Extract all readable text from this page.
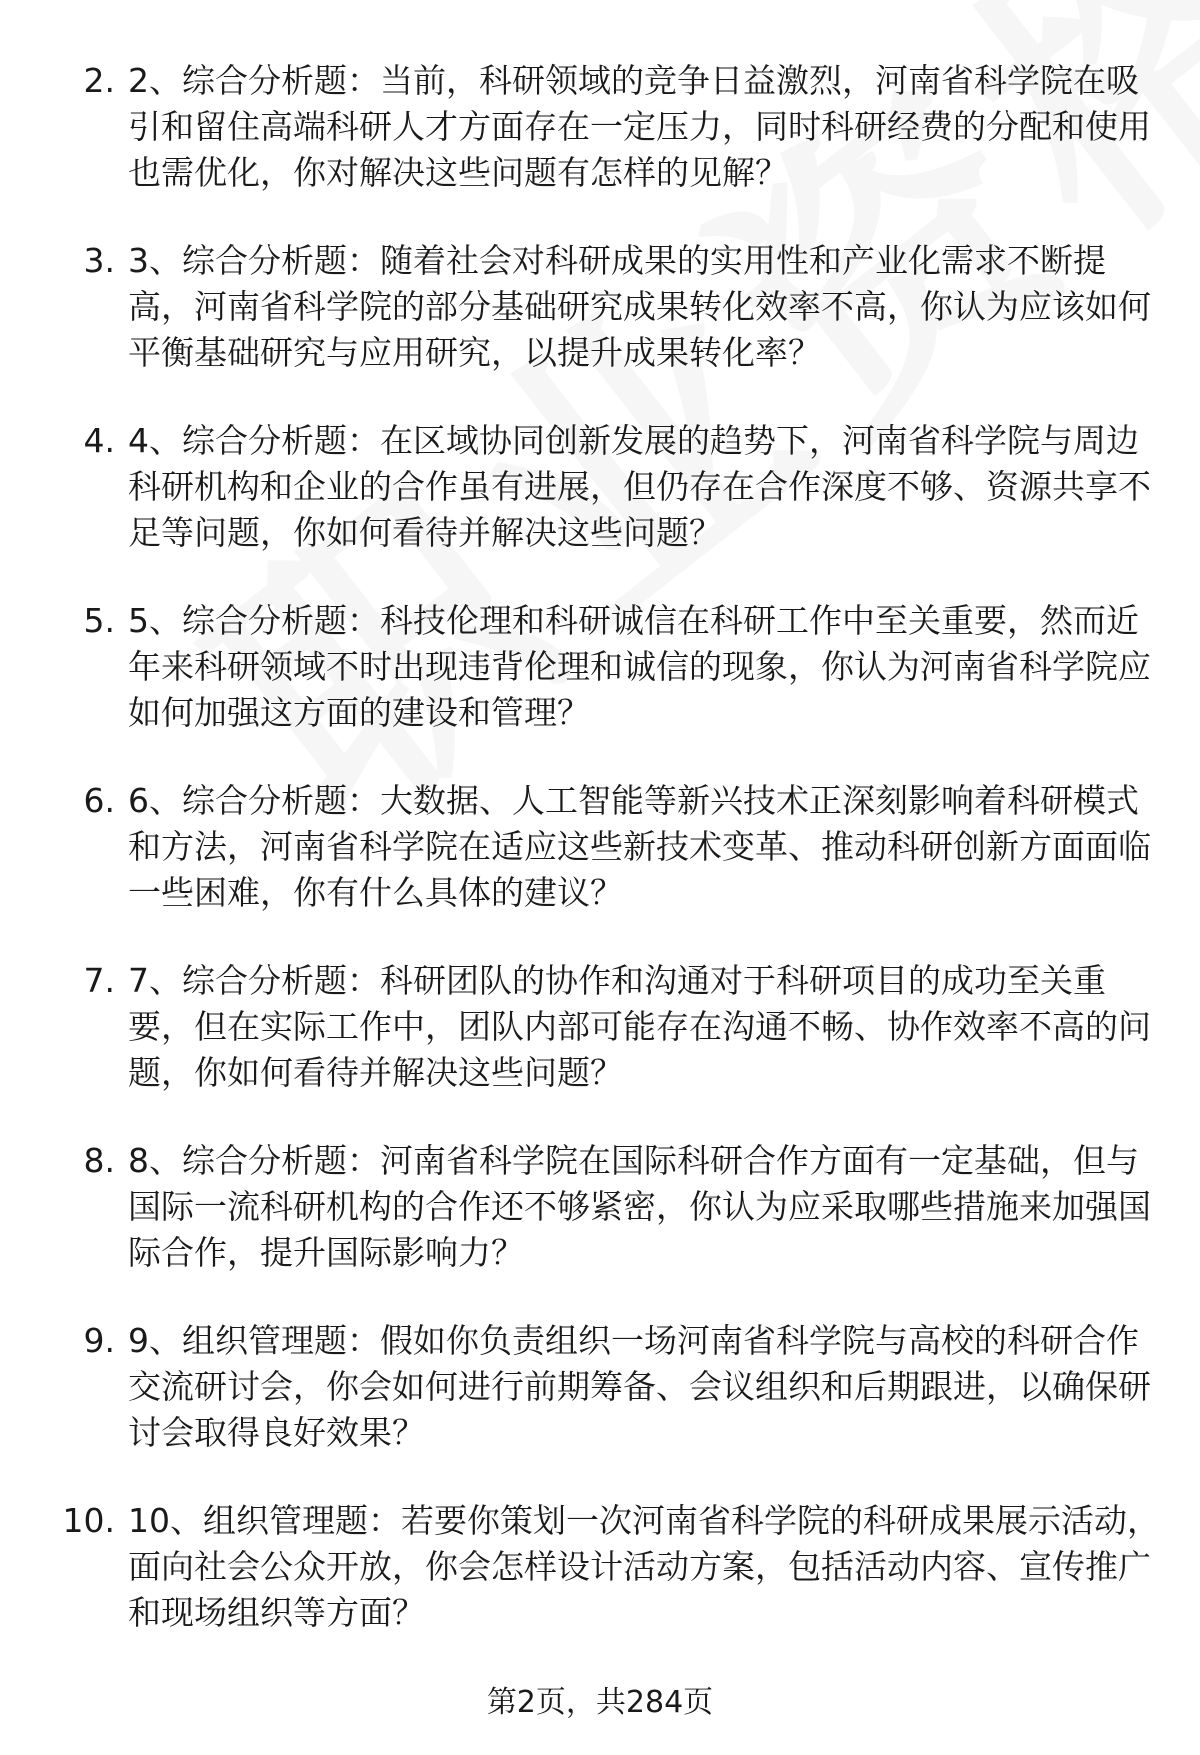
2. 2、综合分析题：当前，科研领域的竞争日益激烈，河南省科学院在吸引和留住高端科研人才方面存在一定压力，同时科研经费的分配和使用也需优化，你对解决这些问题有怎样的见解？

3. 3、综合分析题：随着社会对科研成果的实用性和产业化需求不断提高，河南省科学院的部分基础研究成果转化效率不高，你认为应该如何平衡基础研究与应用研究，以提升成果转化率？

4. 4、综合分析题：在区域协同创新发展的趋势下，河南省科学院与周边科研机构和企业的合作虽有进展，但仍存在合作深度不够、资源共享不足等问题，你如何看待并解决这些问题？

5. 5、综合分析题：科技伦理和科研诚信在科研工作中至关重要，然而近年来科研领域不时出现违背伦理和诚信的现象，你认为河南省科学院应如何加强这方面的建设和管理？

6. 6、综合分析题：大数据、人工智能等新兴技术正深刻影响着科研模式和方法，河南省科学院在适应这些新技术变革、推动科研创新方面面临一些困难，你有什么具体的建议？

7. 7、综合分析题：科研团队的协作和沟通对于科研项目的成功至关重要，但在实际工作中，团队内部可能存在沟通不畅、协作效率不高的问题，你如何看待并解决这些问题？

8. 8、综合分析题：河南省科学院在国际科研合作方面有一定基础，但与国际一流科研机构的合作还不够紧密，你认为应采取哪些措施来加强国际合作，提升国际影响力？

9. 9、组织管理题：假如你负责组织一场河南省科学院与高校的科研合作交流研讨会，你会如何进行前期筹备、会议组织和后期跟进，以确保研讨会取得良好效果？

10. 10、组织管理题：若要你策划一次河南省科学院的科研成果展示活动，面向社会公众开放，你会怎样设计活动方案，包括活动内容、宣传推广和现场组织等方面？

第2页，共284页
